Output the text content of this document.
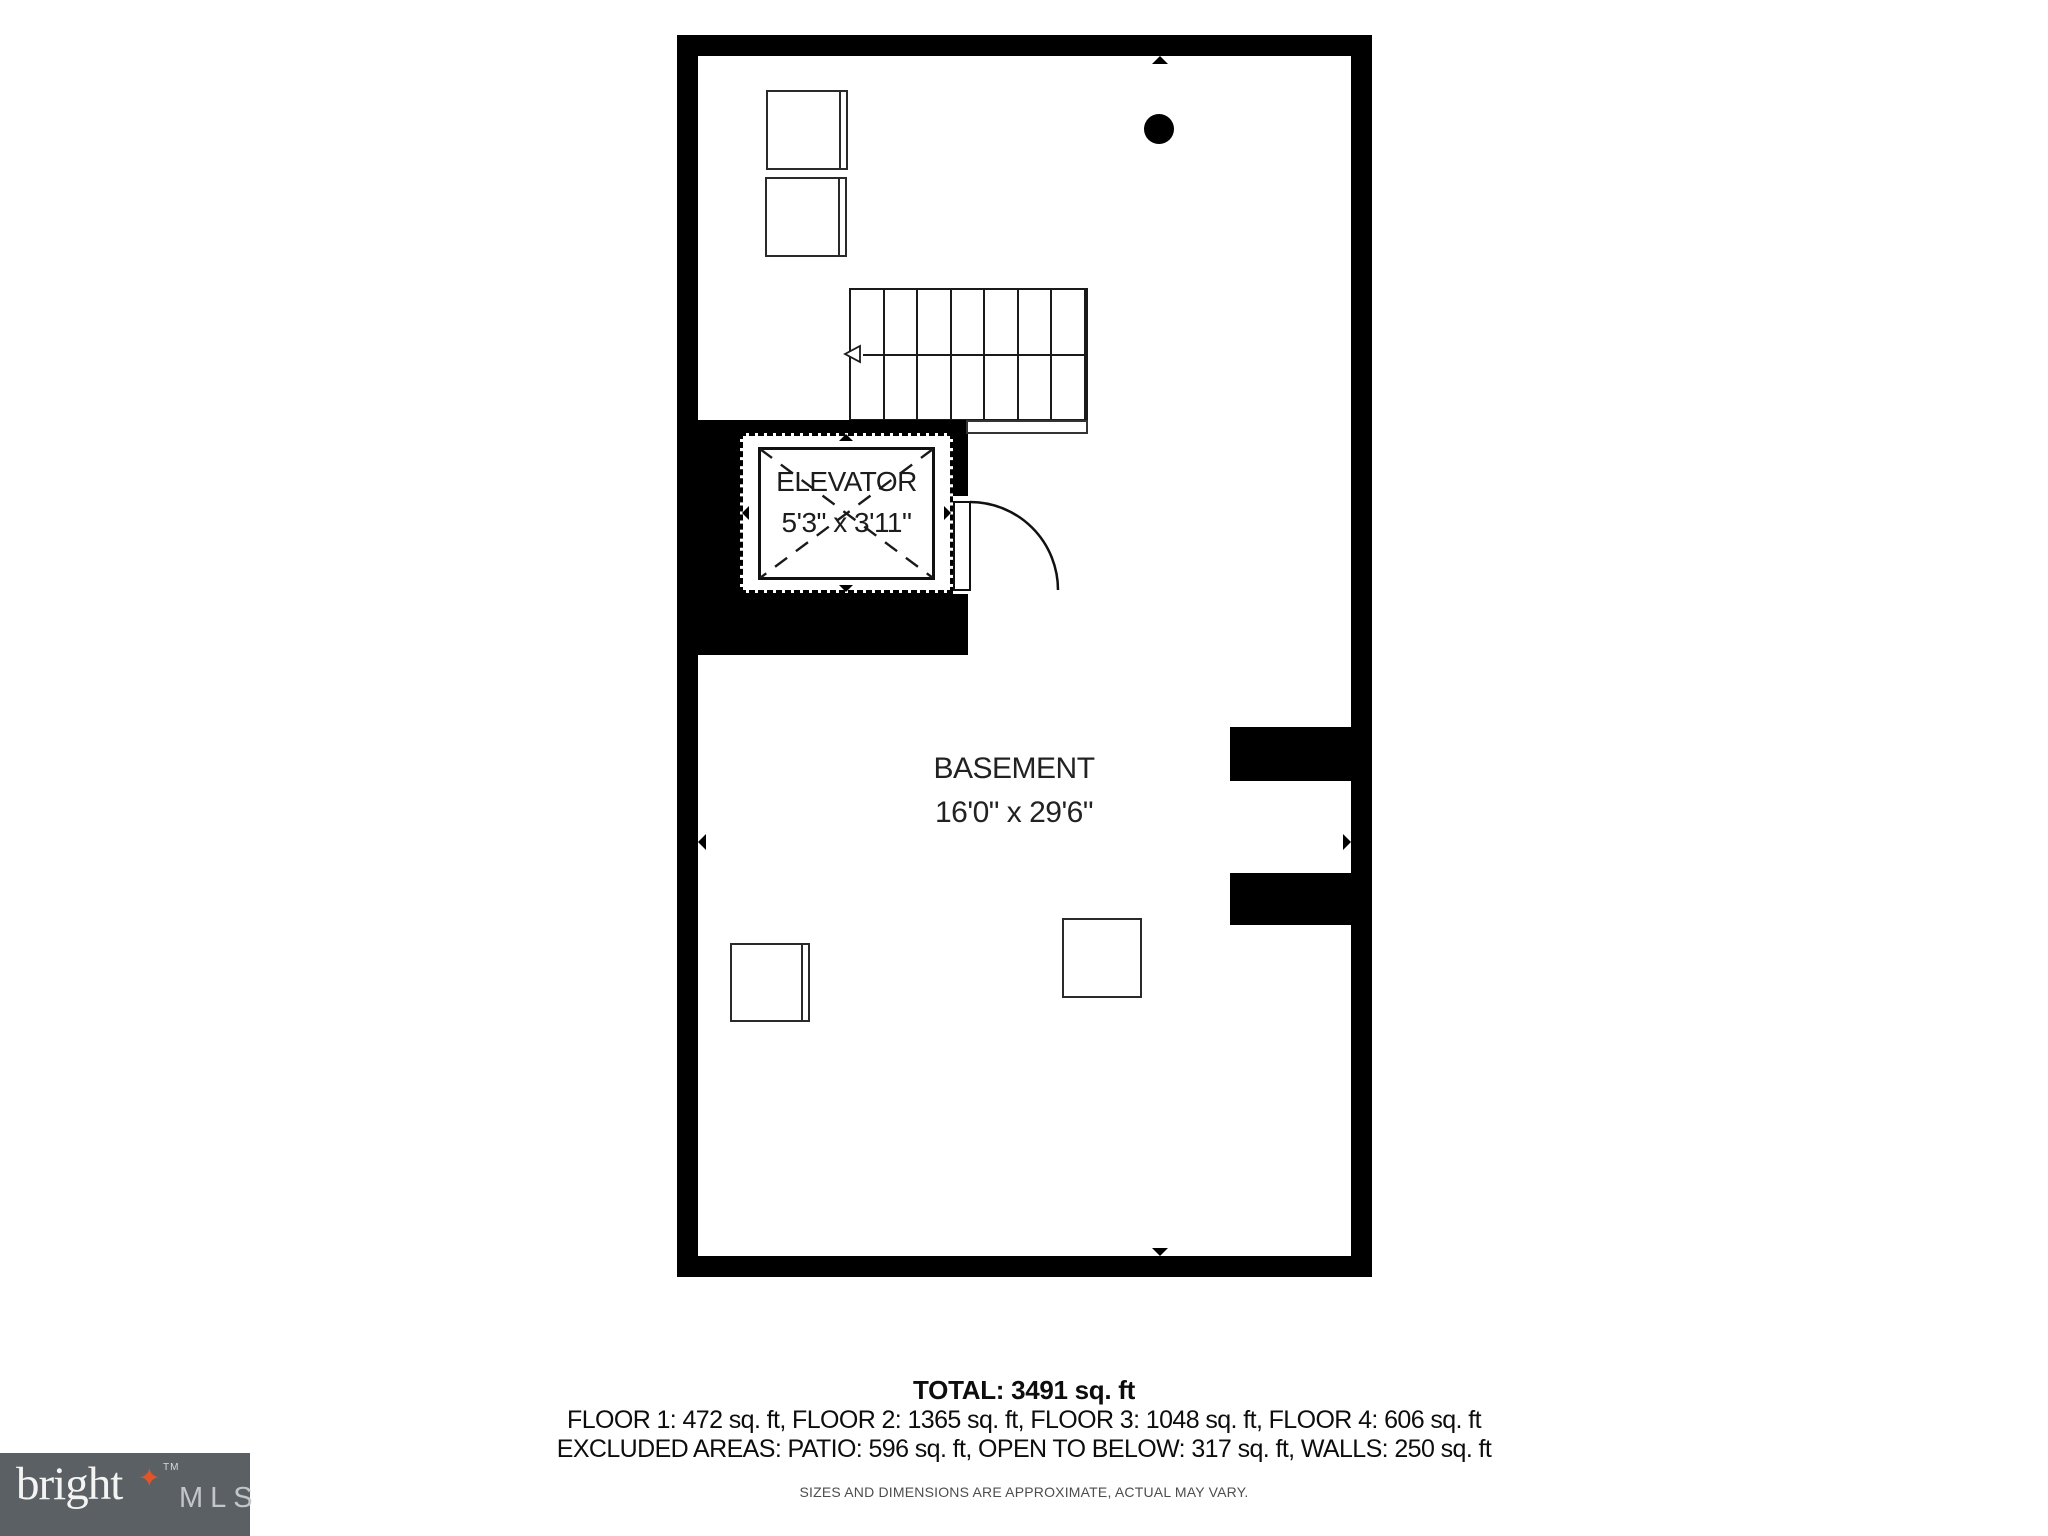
ELEVATOR
5'3" x 3'11"
BASEMENT
16'0" x 29'6"
TOTAL: 3491 sq. ft
FLOOR 1: 472 sq. ft, FLOOR 2: 1365 sq. ft, FLOOR 3: 1048 sq. ft, FLOOR 4: 606 sq. ft
EXCLUDED AREAS: PATIO: 596 sq. ft, OPEN TO BELOW: 317 sq. ft, WALLS: 250 sq. ft
SIZES AND DIMENSIONS ARE APPROXIMATE, ACTUAL MAY VARY.
bright ✦ TM
MLS
